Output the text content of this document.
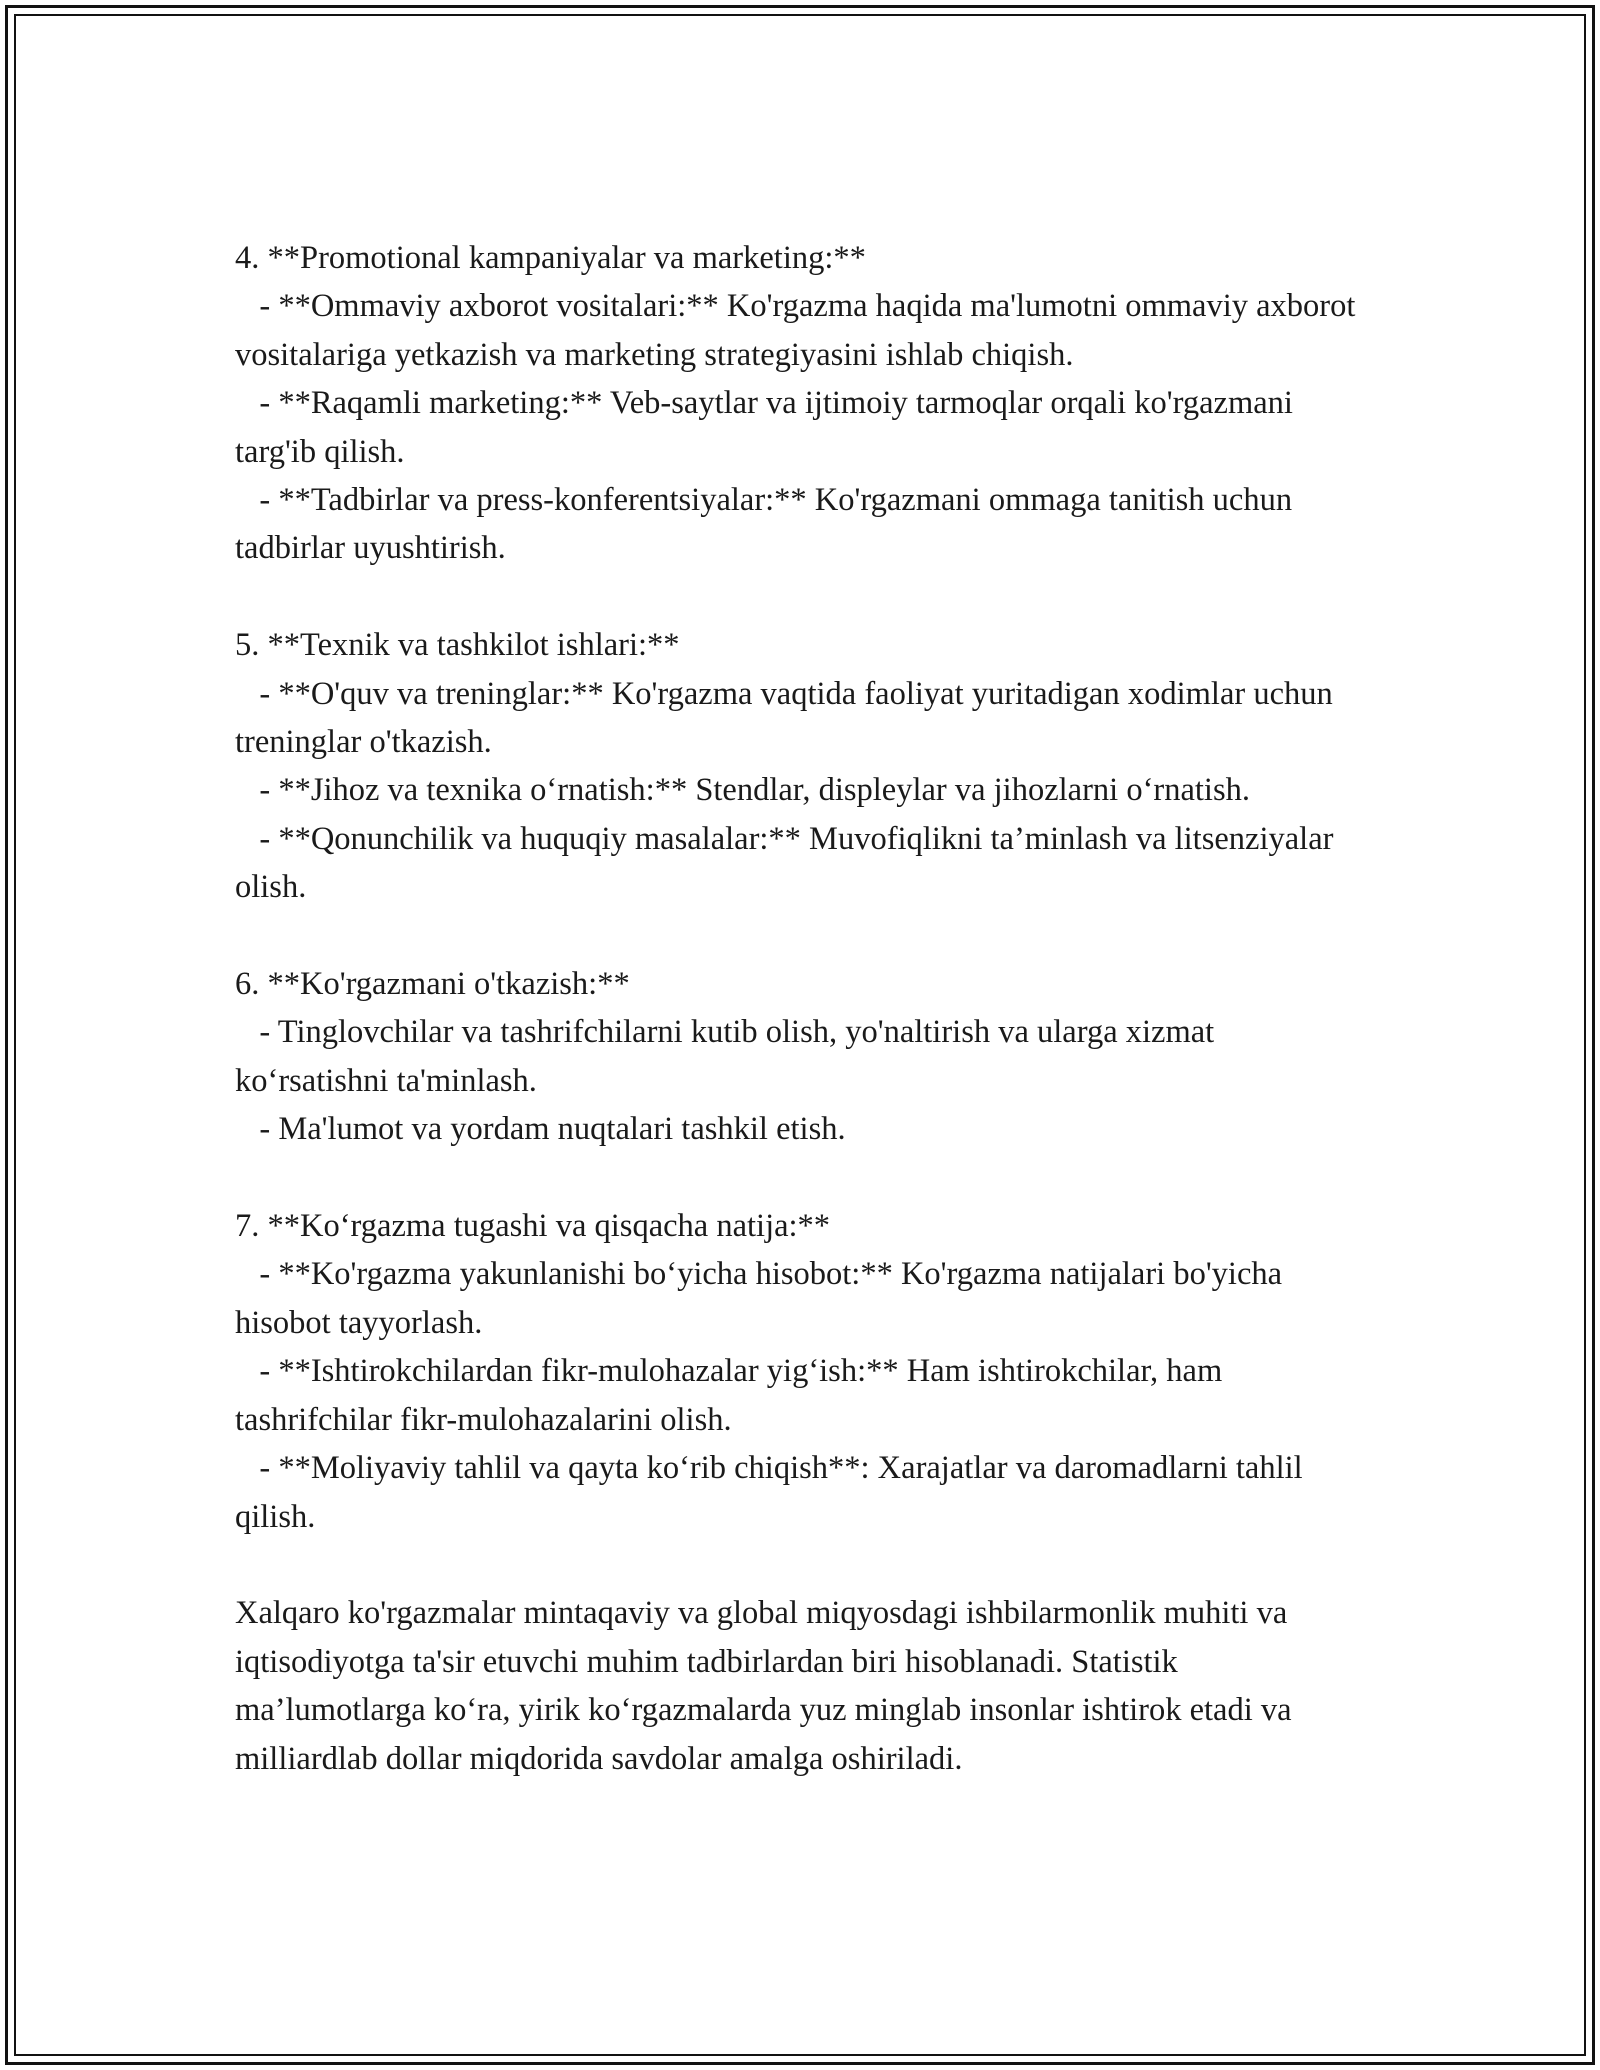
4. **Promotional kampaniyalar va marketing:**

- **Ommaviy axborot vositalari:** Ko'rgazma haqida ma'lumotni ommaviy axborot vositalariga yetkazish va marketing strategiyasini ishlab chiqish.

- **Raqamli marketing:** Veb-saytlar va ijtimoiy tarmoqlar orqali ko'rgazmani targ'ib qilish.

- **Tadbirlar va press-konferentsiyalar:** Ko'rgazmani ommaga tanitish uchun tadbirlar uyushtirish.

5. **Texnik va tashkilot ishlari:**

- **O'quv va treninglar:** Ko'rgazma vaqtida faoliyat yuritadigan xodimlar uchun treninglar o'tkazish.

- **Jihoz va texnika o‘rnatish:** Stendlar, displeylar va jihozlarni o‘rnatish.

- **Qonunchilik va huquqiy masalalar:** Muvofiqlikni ta’minlash va litsenziyalar olish.

6. **Ko'rgazmani o'tkazish:**

- Tinglovchilar va tashrifchilarni kutib olish, yo'naltirish va ularga xizmat ko‘rsatishni ta'minlash.

- Ma'lumot va yordam nuqtalari tashkil etish.

7. **Ko‘rgazma tugashi va qisqacha natija:**

- **Ko'rgazma yakunlanishi bo‘yicha hisobot:** Ko'rgazma natijalari bo'yicha hisobot tayyorlash.

- **Ishtirokchilardan fikr-mulohazalar yig‘ish:** Ham ishtirokchilar, ham tashrifchilar fikr-mulohazalarini olish.

- **Moliyaviy tahlil va qayta ko‘rib chiqish**: Xarajatlar va daromadlarni tahlil qilish.

Xalqaro ko'rgazmalar mintaqaviy va global miqyosdagi ishbilarmonlik muhiti va iqtisodiyotga ta'sir etuvchi muhim tadbirlardan biri hisoblanadi. Statistik ma’lumotlarga ko‘ra, yirik ko‘rgazmalarda yuz minglab insonlar ishtirok etadi va milliardlab dollar miqdorida savdolar amalga oshiriladi.
